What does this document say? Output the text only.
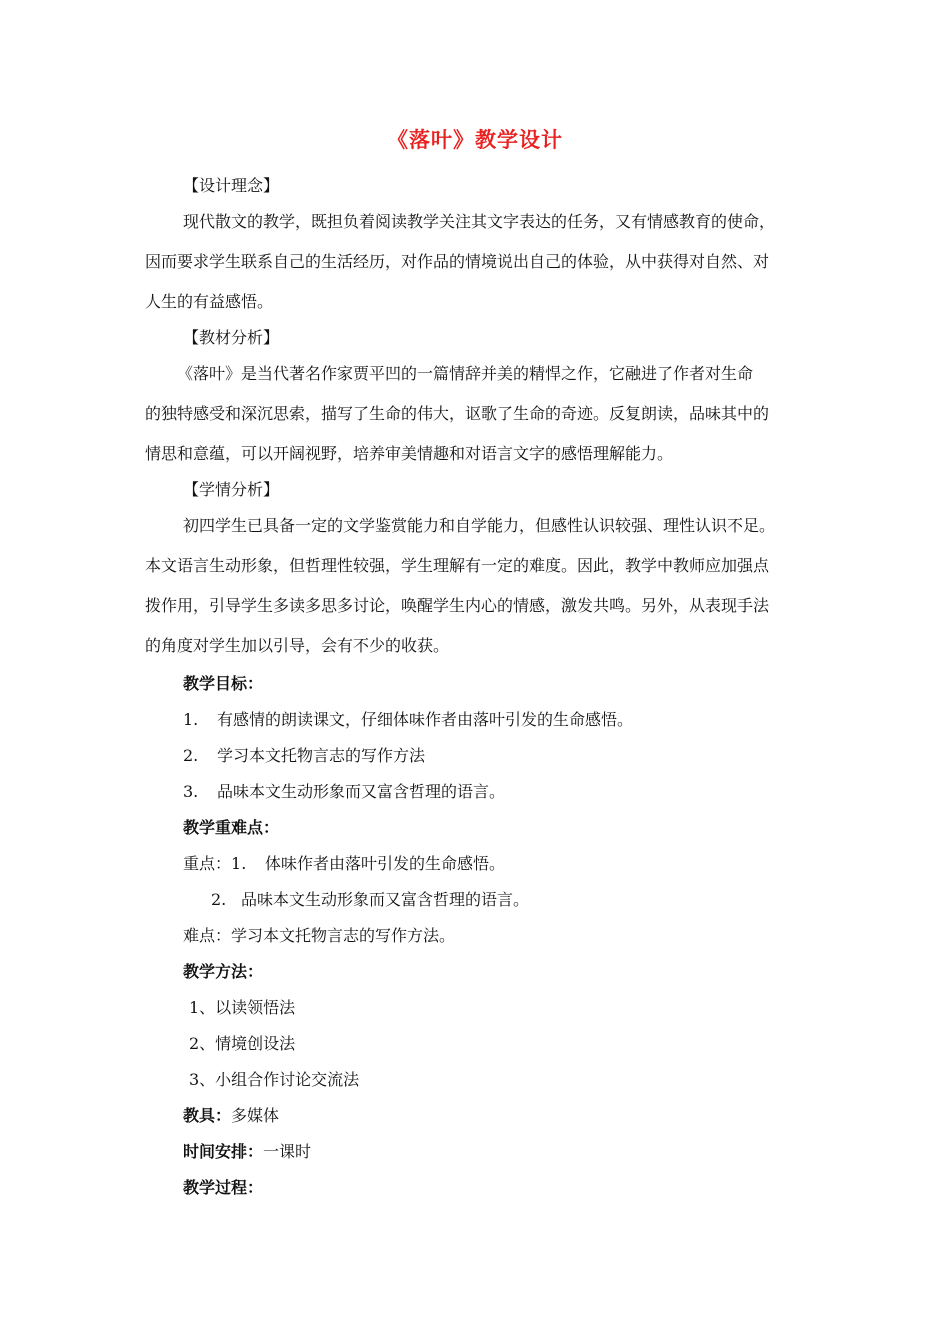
《落叶》教学设计
【设计理念】
现代散文的教学，既担负着阅读教学关注其文字表达的任务，又有情感教育的使命，
因而要求学生联系自己的生活经历，对作品的情境说出自己的体验，从中获得对自然、对
人生的有益感悟。
【教材分析】
《落叶》是当代著名作家贾平凹的一篇情辞并美的精悍之作，它融进了作者对生命
的独特感受和深沉思索，描写了生命的伟大，讴歌了生命的奇迹。反复朗读，品味其中的
情思和意蕴，可以开阔视野，培养审美情趣和对语言文字的感悟理解能力。
【学情分析】
初四学生已具备一定的文学鉴赏能力和自学能力，但感性认识较强、理性认识不足。
本文语言生动形象，但哲理性较强，学生理解有一定的难度。因此，教学中教师应加强点
拨作用，引导学生多读多思多讨论，唤醒学生内心的情感，激发共鸣。另外，从表现手法
的角度对学生加以引导，会有不少的收获。
教学目标：
1. 有感情的朗读课文，仔细体味作者由落叶引发的生命感悟。
2. 学习本文托物言志的写作方法
3. 品味本文生动形象而又富含哲理的语言。
教学重难点：
重点：1. 体味作者由落叶引发的生命感悟。
2. 品味本文生动形象而又富含哲理的语言。
难点：学习本文托物言志的写作方法。
教学方法：
1、以读领悟法
2、情境创设法
3、小组合作讨论交流法
教具：多媒体
时间安排：一课时
教学过程：
